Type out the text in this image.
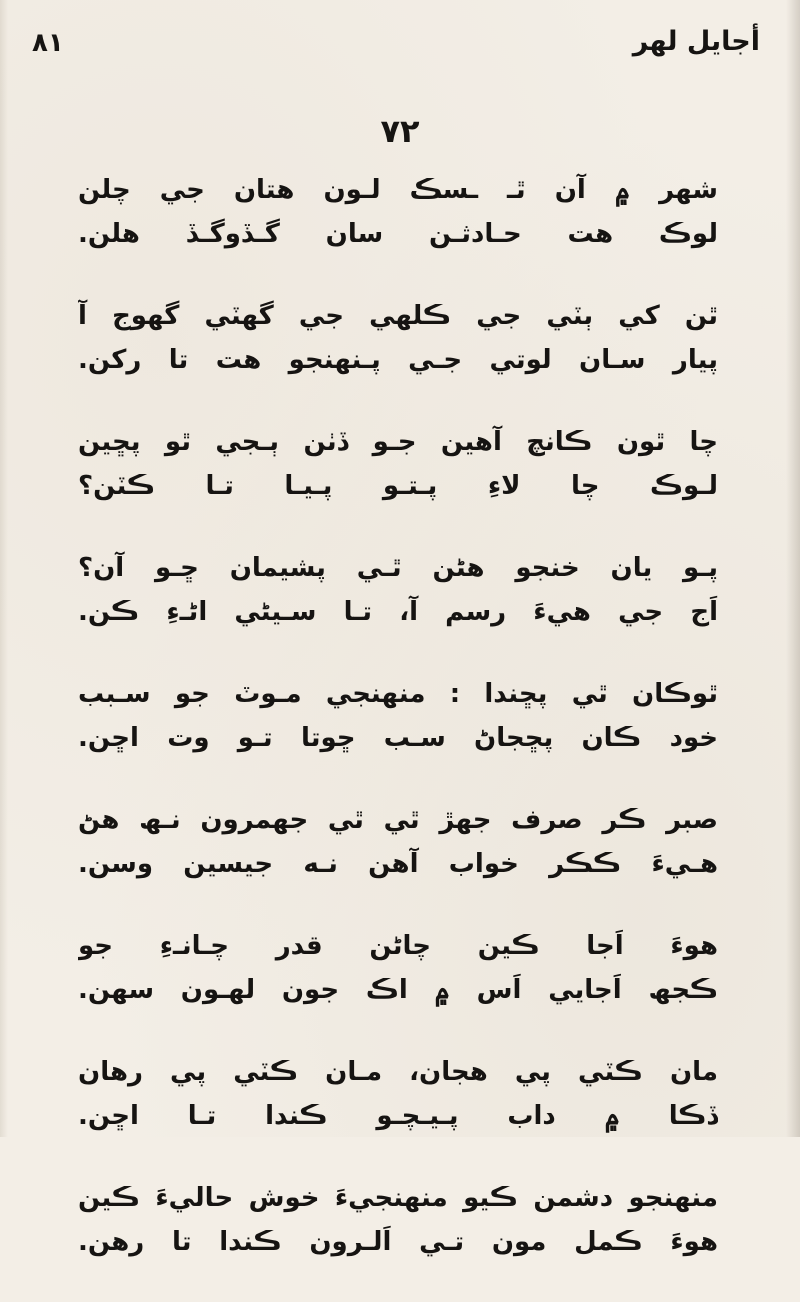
٨١	أجايل لهر
٧٢
شھر ۾ آن ٿـ ـسڪ لـون ھتان جي چلن
لوڪ ھت حـادثـن سان گـڏوگـڏ ھلن.
ٿن کي ٻٽي جي ڪلهي جي گهٽي گهوج آ
پيار سـان لوتي جـي پـنهنجو ھت تا رکن.
چا ٿون ڪانچ آهين جـو ڏٺن ٻـجي ٿو پڇين
لـوڪ چا لاءِ پـتـو پـيـا تـا ڪٽن؟
پـو يان خنجو ھڻن ٿـي پشيمان ڇـو آن؟
اَج جي ھيءَ رسم آ، تـا سـيڻي اڻـءِ ڪن.
ٿوڪان ٿي پڇندا : منهنجي مـوٽ جو سـبب
خود ڪان پڇجاڻ سـب ڇوتا تـو وت اڇن.
صبر ڪر صرف جھڙ ٿي ٿي جهمرون نـھ ھڻ
ھـيءَ ڪڪر خواب آهن نـه جيسين وسن.
ھوءَ اَجا ڪين چاڻن قدر چـانـءِ جو
ڪجھ اَجايي اَس ۾ اڪ جون لھـون سھن.
مان ڪٽي پي هجان، مـان ڪٽي پي رهان
ڏڪا ۾ داب پـيـچـو ڪندا تـا اڇن.
منهنجو دشمن ڪيو منهنجيءَ خوش حاليءَ ڪين
ھوءَ ڪمل مون تـي اَلـرون ڪندا تا رهن.
